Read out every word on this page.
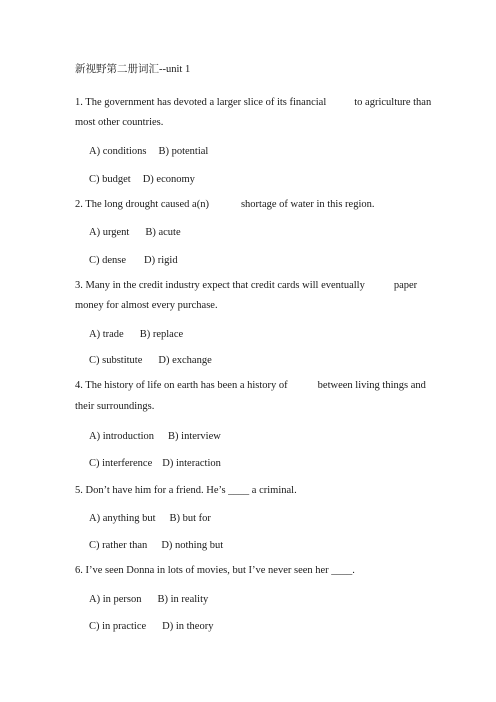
新视野第二册词汇--unit 1
1. The government has devoted a larger slice of its financial	to agriculture than
most other countries.
A) conditions B) potential
C) budget D) economy
2. The long drought caused a(n)	shortage of water in this region.
A) urgent B) acute
C) dense D) rigid
3. Many in the credit industry expect that credit cards will eventually	paper
money for almost every purchase.
A) trade B) replace
C) substitute D) exchange
4. The history of life on earth has been a history of	between living things and
their surroundings.
A) introduction B) interview
C) interference D) interaction
5. Don’t have him for a friend. He’s ____ a criminal.
A) anything but B) but for
C) rather than D) nothing but
6. I’ve seen Donna in lots of movies, but I’ve never seen her ____.
A) in person B) in reality
C) in practice D) in theory
